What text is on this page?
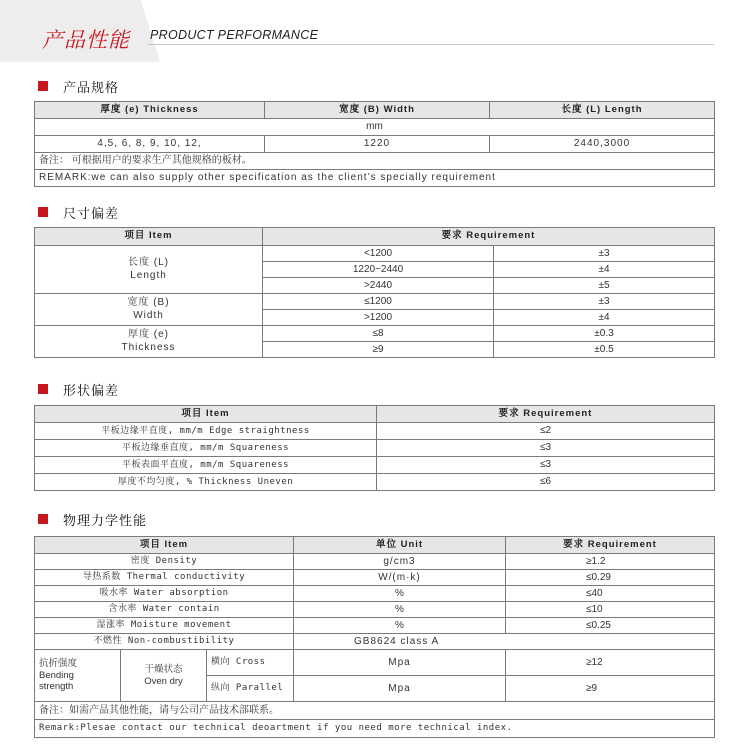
产品性能 PRODUCT PERFORMANCE
产品规格
厚度 (e) Thickness	宽度 (B) Width	长度 (L) Length
mm		
4,5, 6, 8, 9, 10, 12,	1220	2440,3000
备注： 可根据用户的要求生产其他规格的板材。		
REMARK:we can also supply other specification as the client’s specially requirement		
尺寸偏差
项目 Item	要求 Requirement	
长度 (L)
Length	<1200	±3
	1220~2440	±4
	>2440	±5
宽度 (B)
Width	≤1200	±3
	>1200	±4
厚度 (e)
Thickness	≤8	±0.3
	≥9	±0.5
形状偏差
项目 Item	要求 Requirement
平板边缘平直度, mm/m Edge straightness	≤2
平板边缘垂直度, mm/m Squareness	≤3
平板表面平直度, mm/m Squareness	≤3
厚度不均匀度, % Thickness Uneven	≤6
物理力学性能
项目 Item			单位 Unit	要求 Requirement
密度 Density			g/cm3	≥1.2
导热系数 Thermal conductivity			W/(m·k)	≤0.29
吸水率 Water absorption			%	≤40
含水率 Water contain			%	≤10
湿涨率 Moisture movement			%	≤0.25
不燃性 Non-combustibility			GB8624 class A	
抗折强度
Bending
strength	干燥状态
Oven dry	横向 Cross	Mpa	≥12
		纵向 Parallel	Mpa	≥9
备注：如需产品其他性能，请与公司产品技术部联系。				
Remark:Plesae contact our technical deoartment if you need more technical index.				
